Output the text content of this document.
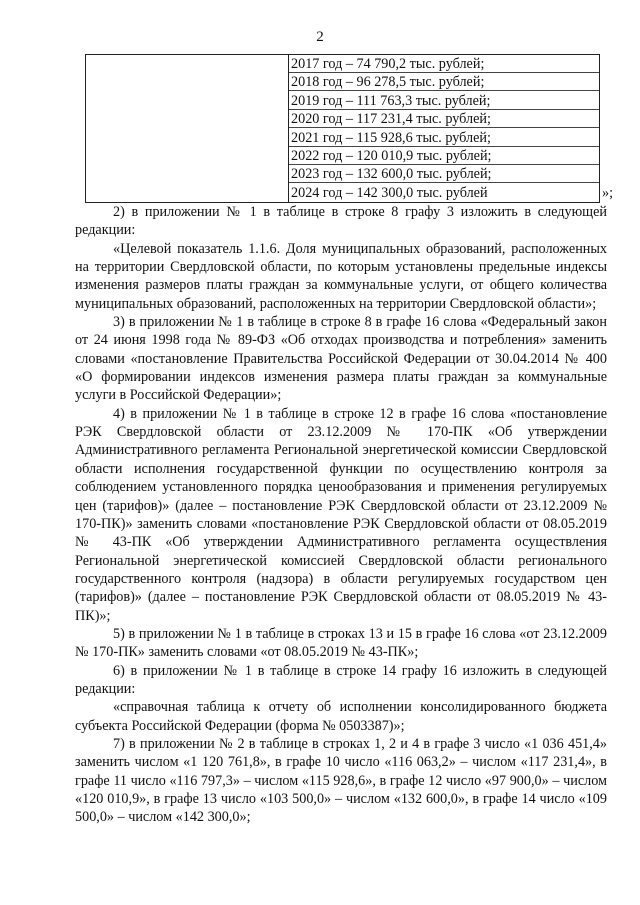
2
2017 год – 74 790,2 тыс. рублей;
2018 год – 96 278,5 тыс. рублей;
2019 год – 111 763,3 тыс. рублей;
2020 год – 117 231,4 тыс. рублей;
2021 год – 115 928,6 тыс. рублей;
2022 год – 120 010,9 тыс. рублей;
2023 год – 132 600,0 тыс. рублей;
2024 год – 142 300,0 тыс. рублей	»;

2) в приложении № 1 в таблице в строке 8 графу 3 изложить в следующей редакции:

«Целевой показатель 1.1.6. Доля муниципальных образований, расположенных на территории Свердловской области, по которым установлены предельные индексы изменения размеров платы граждан за коммунальные услуги, от общего количества муниципальных образований, расположенных на территории Свердловской области»;

3) в приложении № 1 в таблице в строке 8 в графе 16 слова «Федеральный закон от 24 июня 1998 года № 89-ФЗ «Об отходах производства и потребления» заменить словами «постановление Правительства Российской Федерации от 30.04.2014 № 400 «О формировании индексов изменения размера платы граждан за коммунальные услуги в Российской Федерации»;

4) в приложении № 1 в таблице в строке 12 в графе 16 слова «постановление РЭК Свердловской области от 23.12.2009 № 170-ПК «Об утверждении Административного регламента Региональной энергетической комиссии Свердловской области исполнения государственной функции по осуществлению контроля за соблюдением установленного порядка ценообразования и применения регулируемых цен (тарифов)» (далее – постановление РЭК Свердловской области от 23.12.2009 № 170-ПК)» заменить словами «постановление РЭК Свердловской области от 08.05.2019 № 43-ПК «Об утверждении Административного регламента осуществления Региональной энергетической комиссией Свердловской области регионального государственного контроля (надзора) в области регулируемых государством цен (тарифов)» (далее – постановление РЭК Свердловской области от 08.05.2019 № 43-ПК)»;

5) в приложении № 1 в таблице в строках 13 и 15 в графе 16 слова «от 23.12.2009 № 170-ПК» заменить словами «от 08.05.2019 № 43-ПК»;

6) в приложении № 1 в таблице в строке 14 графу 16 изложить в следующей редакции:

«справочная таблица к отчету об исполнении консолидированного бюджета субъекта Российской Федерации (форма № 0503387)»;

7) в приложении № 2 в таблице в строках 1, 2 и 4 в графе 3 число «1 036 451,4» заменить числом «1 120 761,8», в графе 10 число «116 063,2» – числом «117 231,4», в графе 11 число «116 797,3» – числом «115 928,6», в графе 12 число «97 900,0» – числом «120 010,9», в графе 13 число «103 500,0» – числом «132 600,0», в графе 14 число «109 500,0» – числом «142 300,0»;
